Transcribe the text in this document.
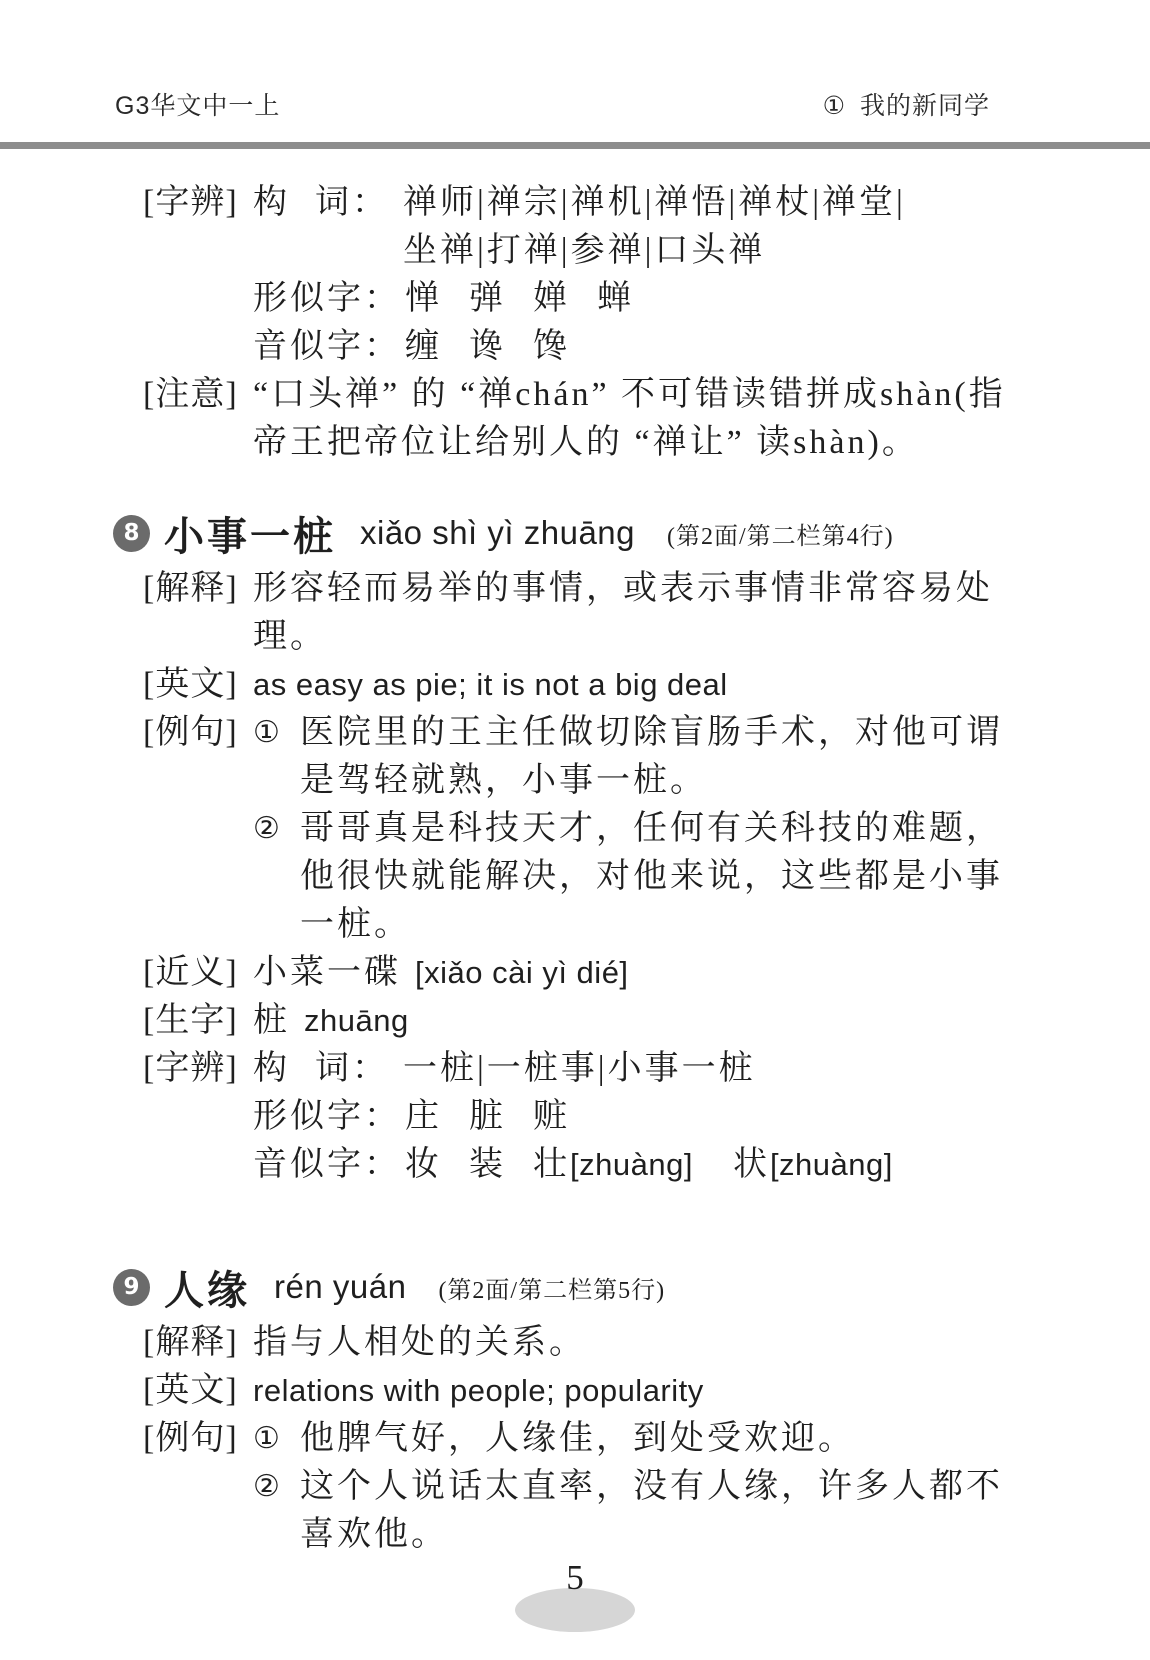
G3华文中一上	① 我的新同学
[字辨] 构 词： 禅师|禅宗|禅机|禅悟|禅杖|禅堂|
坐禅|打禅|参禅|口头禅
形似字： 惮 弹 婵 蝉
音似字： 缠 谗 馋
[注意] “口头禅” 的 “禅chán” 不可错读错拼成shàn(指
帝王把帝位让给别人的 “禅让” 读shàn)。
8 小事一桩 xiǎo shì yì zhuāng (第2面/第二栏第4行)
[解释] 形容轻而易举的事情，或表示事情非常容易处
理。
[英文] as easy as pie; it is not a big deal
[例句] ① 医院里的王主任做切除盲肠手术，对他可谓
是驾轻就熟，小事一桩。
② 哥哥真是科技天才，任何有关科技的难题，
他很快就能解决，对他来说，这些都是小事
一桩。
[近义] 小菜一碟 [xiǎo cài yì dié]
[生字] 桩 zhuāng
[字辨] 构 词： 一桩|一桩事|小事一桩
形似字： 庄 脏 赃
音似字： 妆 装 壮[zhuàng] 状[zhuàng]
9 人缘 rén yuán (第2面/第二栏第5行)
[解释] 指与人相处的关系。
[英文] relations with people; popularity
[例句] ① 他脾气好，人缘佳，到处受欢迎。
② 这个人说话太直率，没有人缘，许多人都不
喜欢他。
5
